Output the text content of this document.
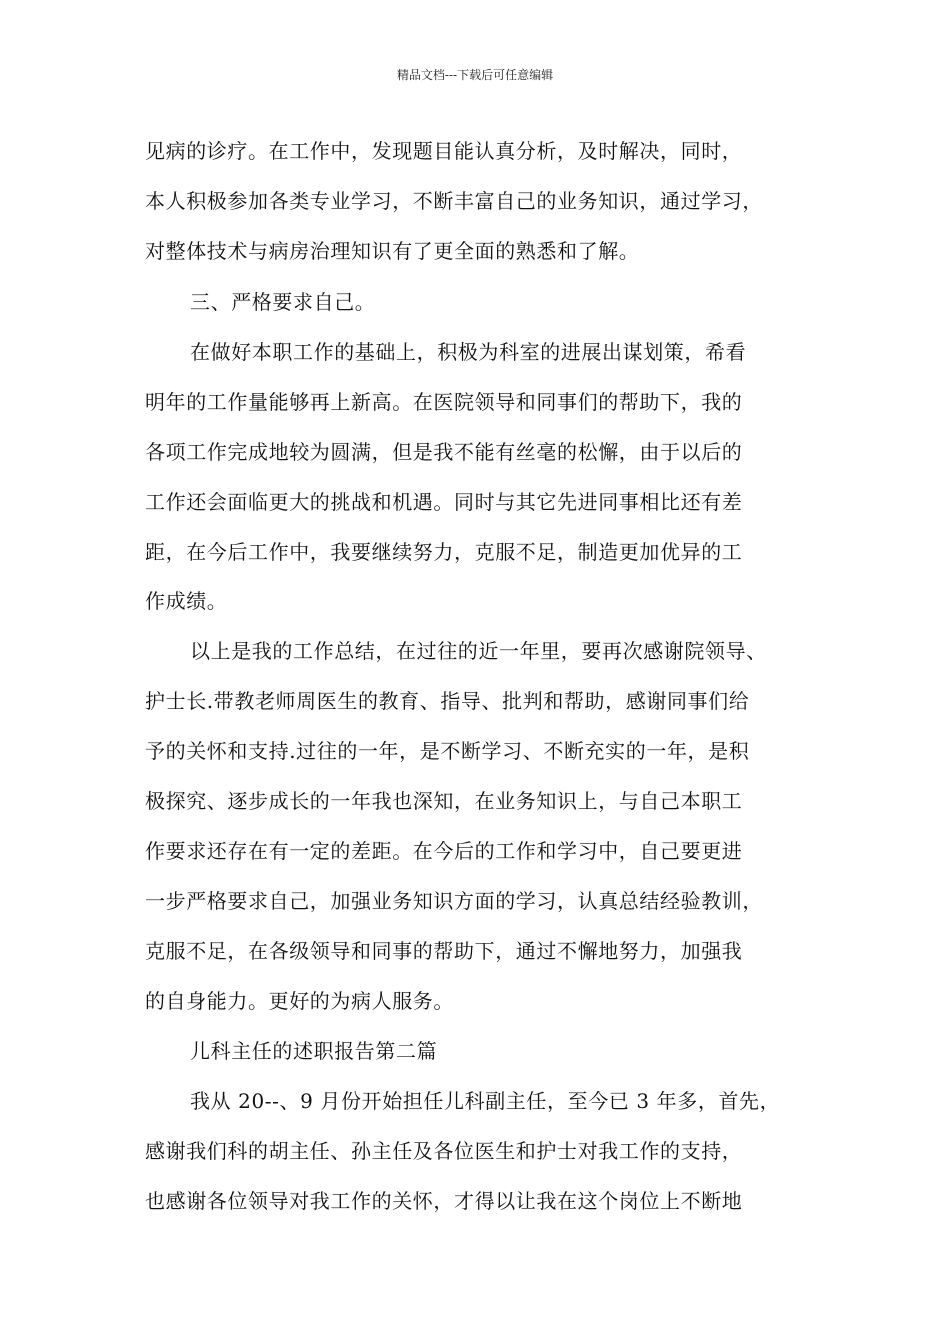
精品文档---下载后可任意编辑
见病的诊疗。在工作中，发现题目能认真分析，及时解决，同时，
本人积极参加各类专业学习，不断丰富自己的业务知识，通过学习，
对整体技术与病房治理知识有了更全面的熟悉和了解。
三、严格要求自己。
在做好本职工作的基础上，积极为科室的进展出谋划策，希看
明年的工作量能够再上新高。在医院领导和同事们的帮助下，我的
各项工作完成地较为圆满，但是我不能有丝毫的松懈，由于以后的
工作还会面临更大的挑战和机遇。同时与其它先进同事相比还有差
距，在今后工作中，我要继续努力，克服不足，制造更加优异的工
作成绩。
以上是我的工作总结，在过往的近一年里，要再次感谢院领导、
护士长.带教老师周医生的教育、指导、批判和帮助，感谢同事们给
予的关怀和支持.过往的一年，是不断学习、不断充实的一年，是积
极探究、逐步成长的一年我也深知，在业务知识上，与自己本职工
作要求还存在有一定的差距。在今后的工作和学习中，自己要更进
一步严格要求自己，加强业务知识方面的学习，认真总结经验教训，
克服不足，在各级领导和同事的帮助下，通过不懈地努力，加强我
的自身能力。更好的为病人服务。
儿科主任的述职报告第二篇
我从 20--、9 月份开始担任儿科副主任，至今已 3 年多，首先，
感谢我们科的胡主任、孙主任及各位医生和护士对我工作的支持，
也感谢各位领导对我工作的关怀，才得以让我在这个岗位上不断地
